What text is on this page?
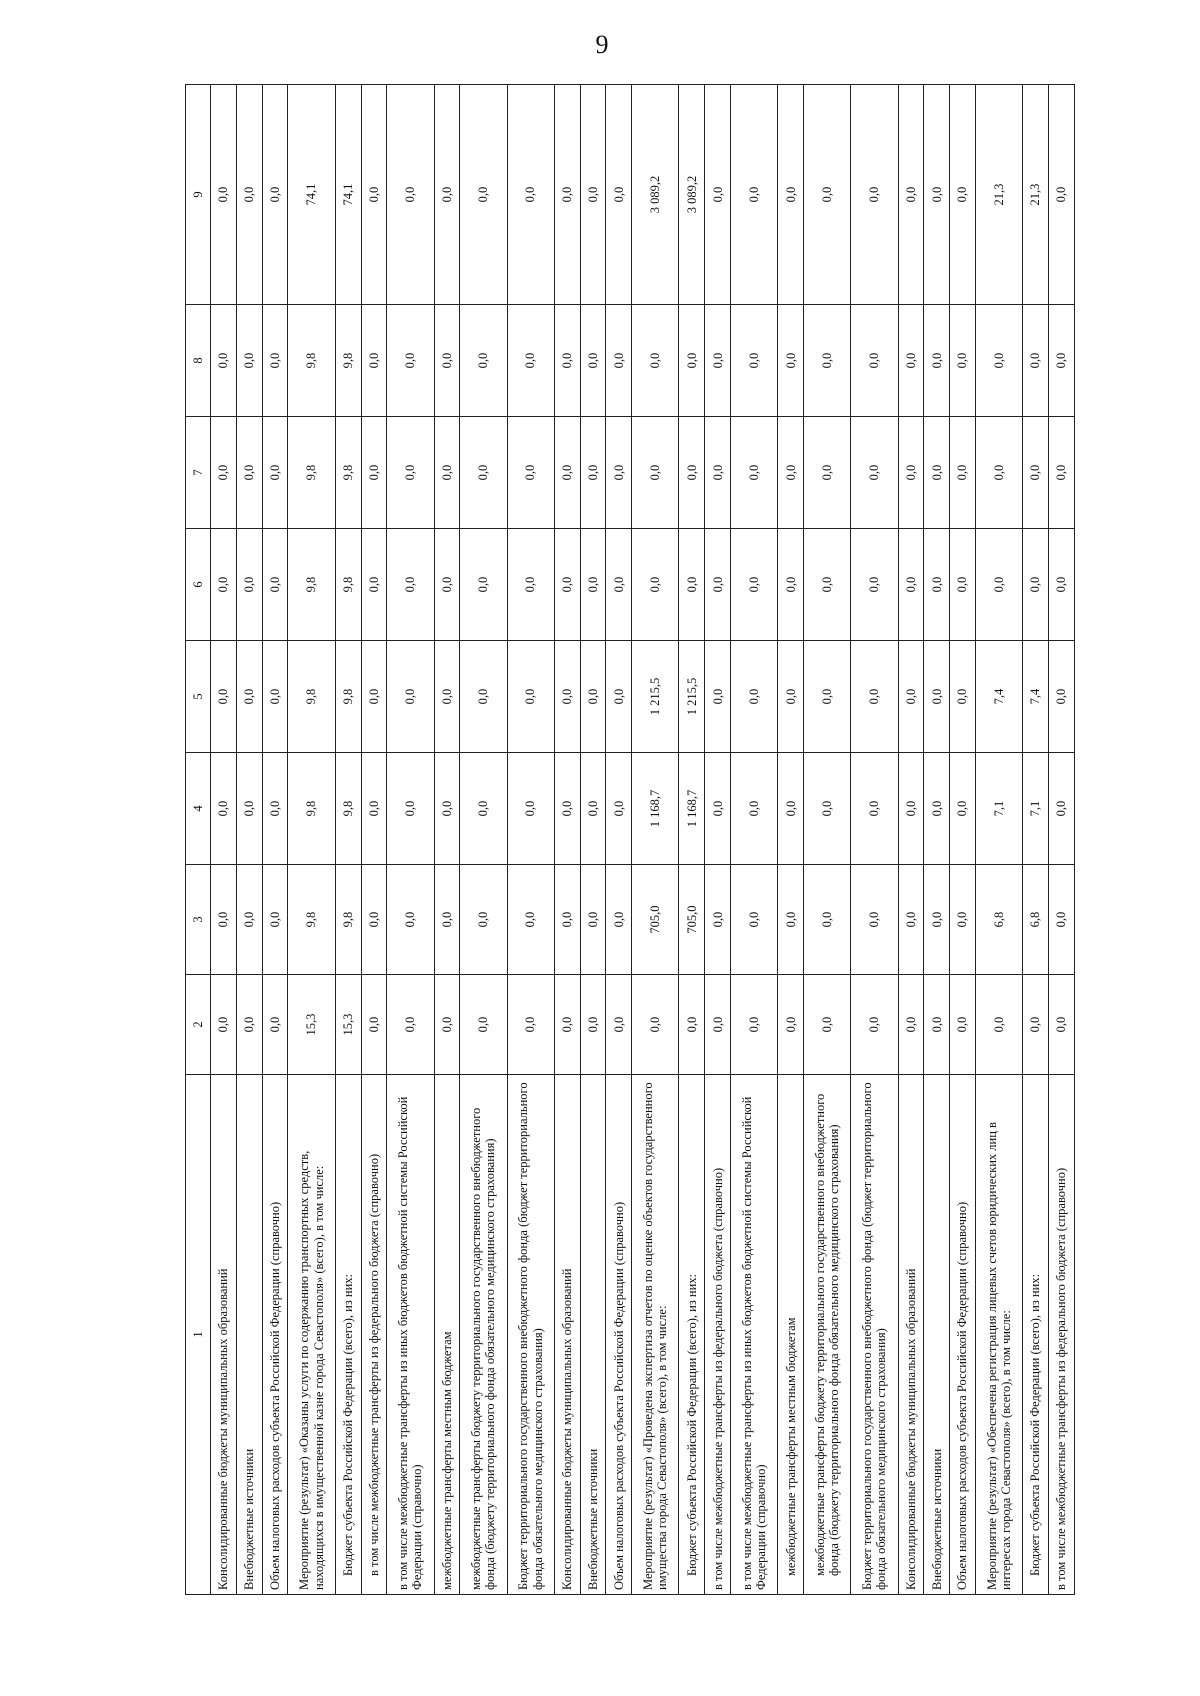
9
1	2	3	4	5	6	7	8	9
Консолидированные бюджеты муниципальных образований	0,0	0,0	0,0	0,0	0,0	0,0	0,0	0,0
Внебюджетные источники	0,0	0,0	0,0	0,0	0,0	0,0	0,0	0,0
Объем налоговых расходов субъекта Российской Федерации (справочно)	0,0	0,0	0,0	0,0	0,0	0,0	0,0	0,0
Мероприятие (результат) «Оказаны услуги по содержанию транспортных средств, находящихся в имущественной казне города Севастополя» (всего), в том числе:	15,3	9,8	9,8	9,8	9,8	9,8	9,8	74,1
Бюджет субъекта Российской Федерации (всего), из них:	15,3	9,8	9,8	9,8	9,8	9,8	9,8	74,1
в том числе межбюджетные трансферты из федерального бюджета (справочно)	0,0	0,0	0,0	0,0	0,0	0,0	0,0	0,0
в том числе межбюджетные трансферты из иных бюджетов бюджетной системы Российской Федерации (справочно)	0,0	0,0	0,0	0,0	0,0	0,0	0,0	0,0
межбюджетные трансферты местным бюджетам	0,0	0,0	0,0	0,0	0,0	0,0	0,0	0,0
межбюджетные трансферты бюджету территориального государственного внебюджетного фонда (бюджету территориального фонда обязательного медицинского страхования)	0,0	0,0	0,0	0,0	0,0	0,0	0,0	0,0
Бюджет территориального государственного внебюджетного фонда (бюджет территориального фонда обязательного медицинского страхования)	0,0	0,0	0,0	0,0	0,0	0,0	0,0	0,0
Консолидированные бюджеты муниципальных образований	0,0	0,0	0,0	0,0	0,0	0,0	0,0	0,0
Внебюджетные источники	0,0	0,0	0,0	0,0	0,0	0,0	0,0	0,0
Объем налоговых расходов субъекта Российской Федерации (справочно)	0,0	0,0	0,0	0,0	0,0	0,0	0,0	0,0
Мероприятие (результат) «Проведена экспертиза отчетов по оценке объектов государственного имущества города Севастополя» (всего), в том числе:	0,0	705,0	1 168,7	1 215,5	0,0	0,0	0,0	3 089,2
Бюджет субъекта Российской Федерации (всего), из них:	0,0	705,0	1 168,7	1 215,5	0,0	0,0	0,0	3 089,2
в том числе межбюджетные трансферты из федерального бюджета (справочно)	0,0	0,0	0,0	0,0	0,0	0,0	0,0	0,0
в том числе межбюджетные трансферты из иных бюджетов бюджетной системы Российской Федерации (справочно)	0,0	0,0	0,0	0,0	0,0	0,0	0,0	0,0
межбюджетные трансферты местным бюджетам	0,0	0,0	0,0	0,0	0,0	0,0	0,0	0,0
межбюджетные трансферты бюджету территориального государственного внебюджетного фонда (бюджету территориального фонда обязательного медицинского страхования)	0,0	0,0	0,0	0,0	0,0	0,0	0,0	0,0
Бюджет территориального государственного внебюджетного фонда (бюджет территориального фонда обязательного медицинского страхования)	0,0	0,0	0,0	0,0	0,0	0,0	0,0	0,0
Консолидированные бюджеты муниципальных образований	0,0	0,0	0,0	0,0	0,0	0,0	0,0	0,0
Внебюджетные источники	0,0	0,0	0,0	0,0	0,0	0,0	0,0	0,0
Объем налоговых расходов субъекта Российской Федерации (справочно)	0,0	0,0	0,0	0,0	0,0	0,0	0,0	0,0
Мероприятие (результат) «Обеспечена регистрация лицевых счетов юридических лиц в интересах города Севастополя» (всего), в том числе:	0,0	6,8	7,1	7,4	0,0	0,0	0,0	21,3
Бюджет субъекта Российской Федерации (всего), из них:	0,0	6,8	7,1	7,4	0,0	0,0	0,0	21,3
в том числе межбюджетные трансферты из федерального бюджета (справочно)	0,0	0,0	0,0	0,0	0,0	0,0	0,0	0,0
